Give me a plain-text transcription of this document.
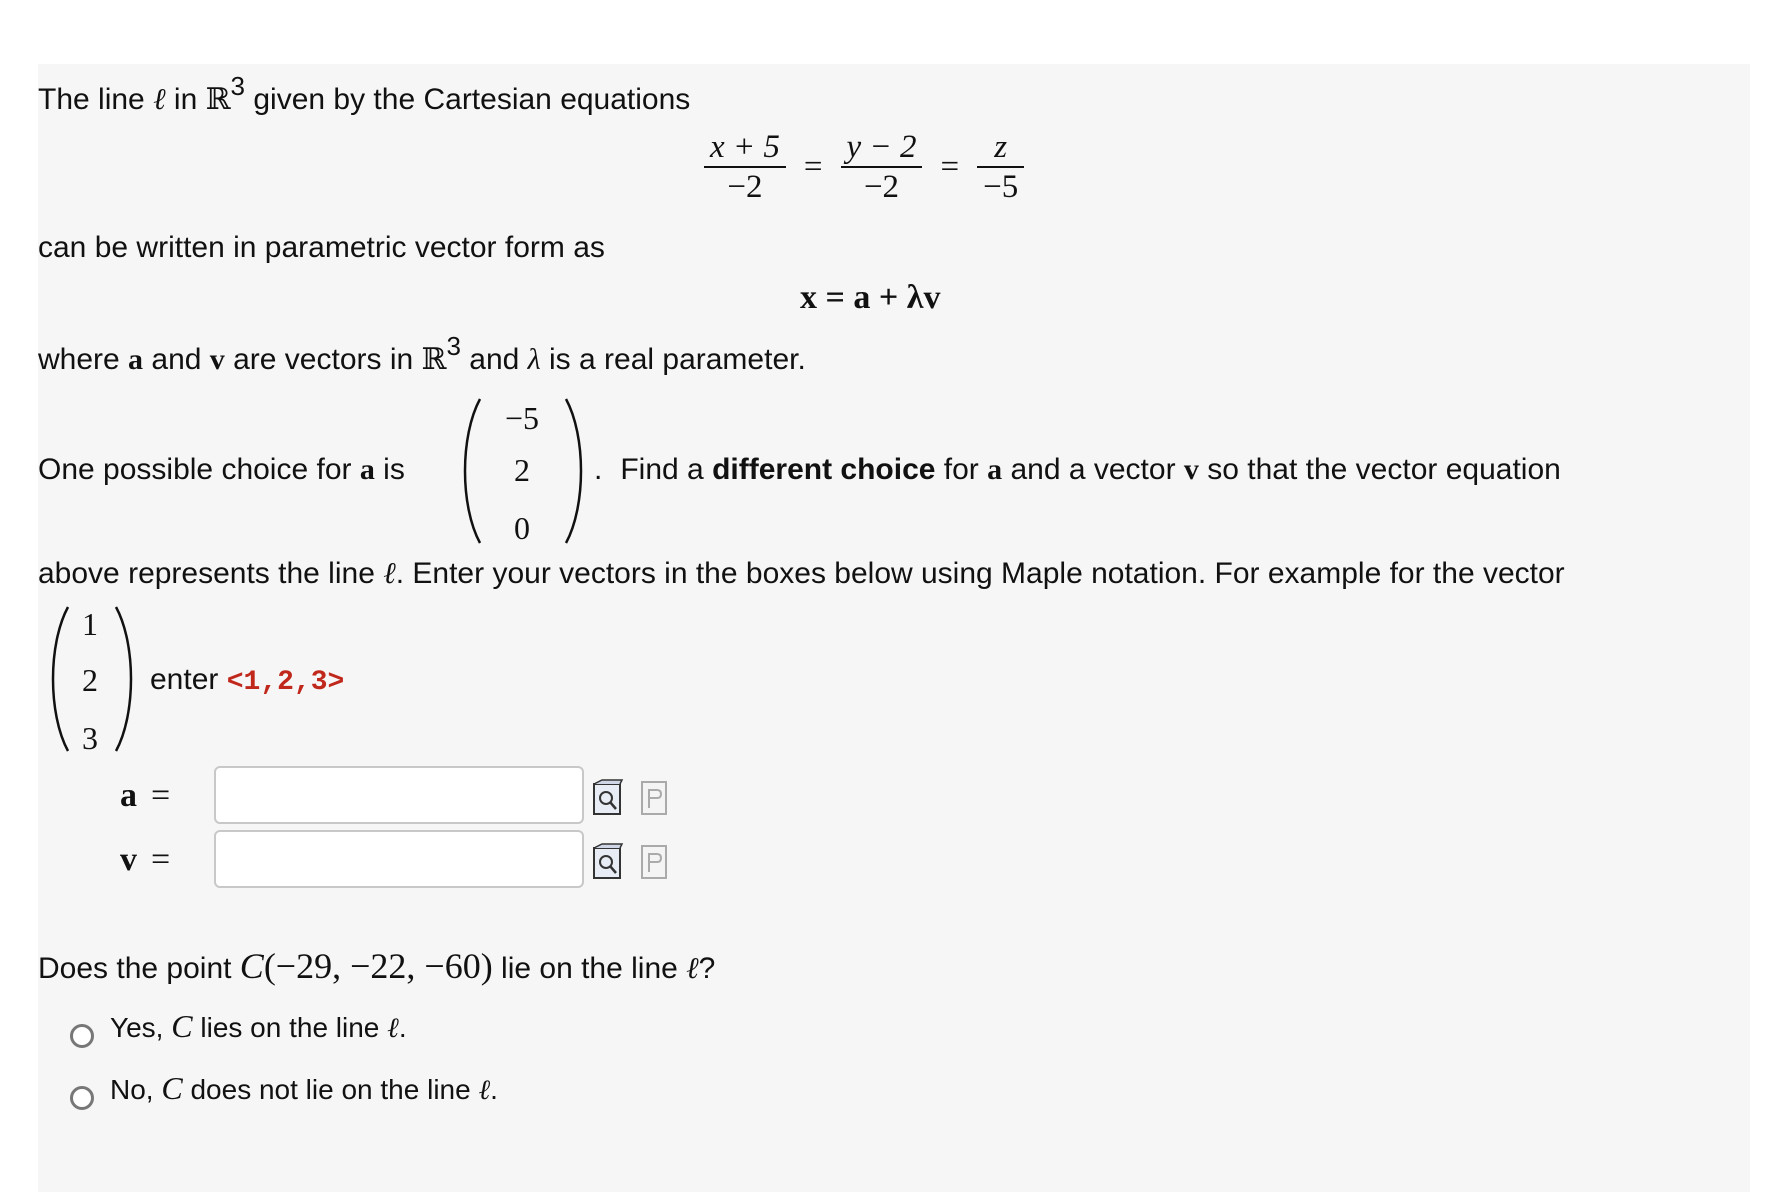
The line ℓ in ℝ3 given by the Cartesian equations
$\frac{x + 5}{-2} = \frac{y - 2}{-2} = \frac{z}{-5}$
can be written in parametric vector form as
x = a + λv
where a and v are vectors in ℝ3 and λ is a real parameter.
One possible choice for a is
−5
2
0
. Find a different choice for a and a vector v so that the vector equation
above represents the line ℓ. Enter your vectors in the boxes below using Maple notation. For example for the vector
1
2
3
enter <1,2,3>
a =
v =
Does the point C(−29, −22, −60) lie on the line ℓ?
Yes, C lies on the line ℓ.
No, C does not lie on the line ℓ.
